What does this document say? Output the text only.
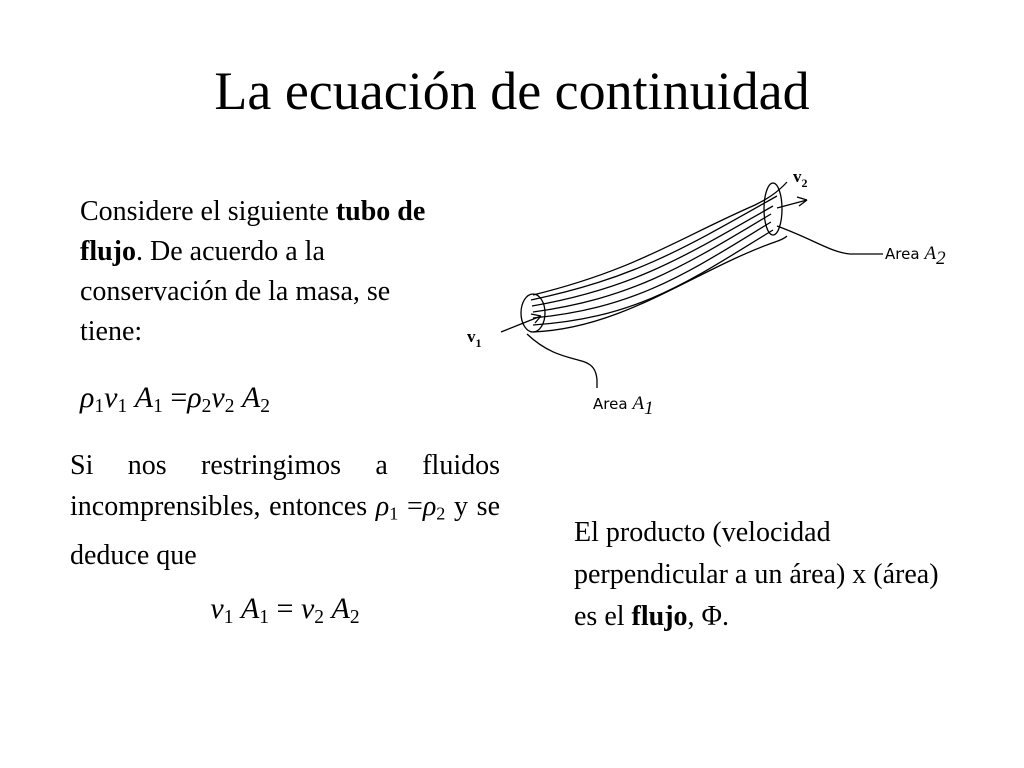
La ecuación de continuidad
Considere el siguiente tubo de flujo. De acuerdo a la conservación de la masa, se tiene:
$\rho_1v_1$ $A_1 =\rho_2v_2$ $A_2$
Si nos restringimos a fluidos incomprensibles, entonces $\rho_1 =\rho_2$ y se deduce que
$v_1$ $A_1 = v_2$ $A_2$
El producto (velocidad perpendicular a un área) x (área) es el flujo, Φ.
$v_1$
$v_2$
Area A2
Area A1
